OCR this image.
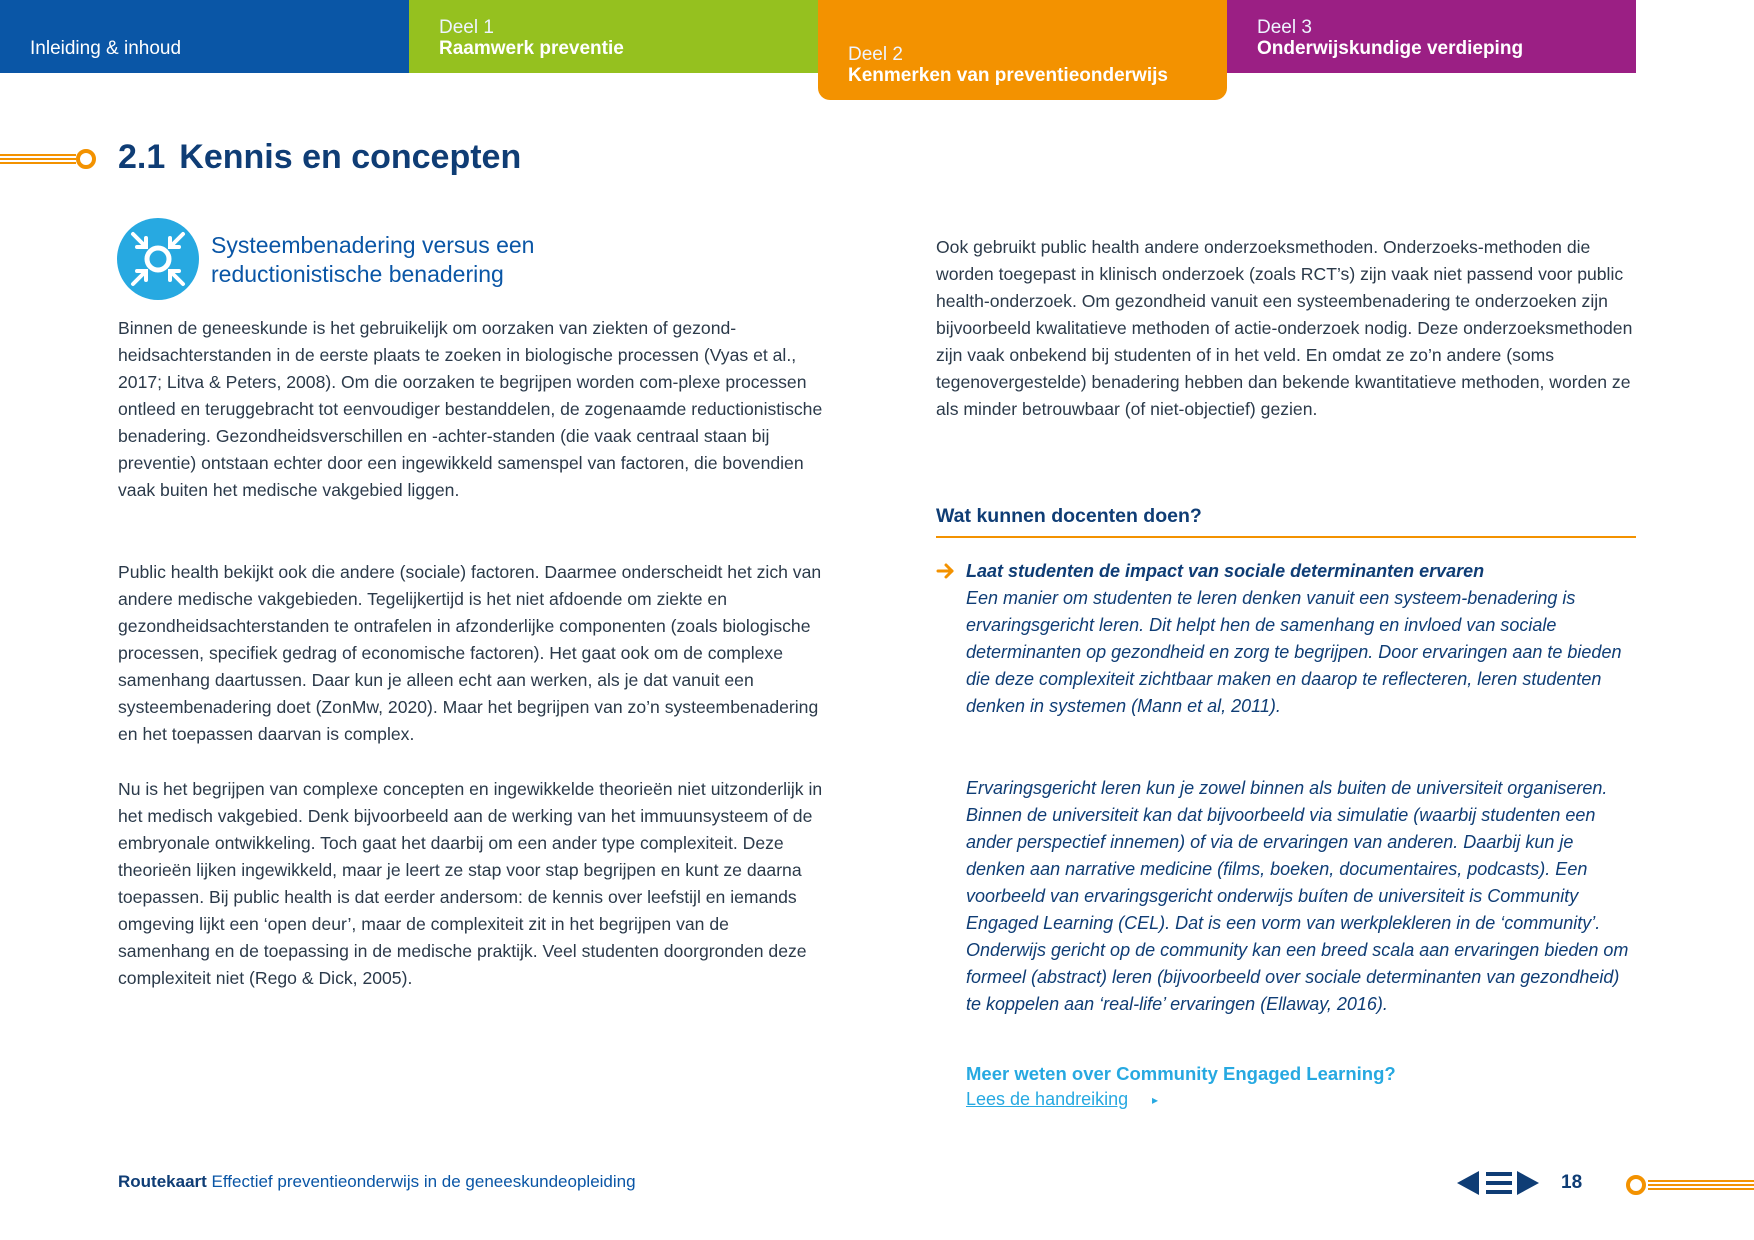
Inleiding & inhoud
Deel 1
Raamwerk preventie	Deel 2
Kenmerken van preventieonderwijs
Deel 3
Onderwijskundige verdieping
2.1 Kennis en concepten
Systeembenadering versus een
reductionistische benadering

Binnen de geneeskunde is het gebruikelijk om oorzaken van ziekten of gezond-heidsachterstanden in de eerste plaats te zoeken in biologische processen (Vyas et al., 2017; Litva & Peters, 2008). Om die oorzaken te begrijpen worden com-plexe processen ontleed en teruggebracht tot eenvoudiger bestanddelen, de zogenaamde reductionistische benadering. Gezondheidsverschillen en -achter-standen (die vaak centraal staan bij preventie) ontstaan echter door een ingewikkeld samenspel van factoren, die bovendien vaak buiten het medische vakgebied liggen.

Public health bekijkt ook die andere (sociale) factoren. Daarmee onderscheidt het zich van andere medische vakgebieden. Tegelijkertijd is het niet afdoende om ziekte en gezondheidsachterstanden te ontrafelen in afzonderlijke componenten (zoals biologische processen, specifiek gedrag of economische factoren). Het gaat ook om de complexe samenhang daartussen. Daar kun je alleen echt aan werken, als je dat vanuit een systeembenadering doet (ZonMw, 2020). Maar het begrijpen van zo’n systeembenadering en het toepassen daarvan is complex.

Nu is het begrijpen van complexe concepten en ingewikkelde theorieën niet uitzonderlijk in het medisch vakgebied. Denk bijvoorbeeld aan de werking van het immuunsysteem of de embryonale ontwikkeling. Toch gaat het daarbij om een ander type complexiteit. Deze theorieën lijken ingewikkeld, maar je leert ze stap voor stap begrijpen en kunt ze daarna toepassen. Bij public health is dat eerder andersom: de kennis over leefstijl en iemands omgeving lijkt een ‘open deur’, maar de complexiteit zit in het begrijpen van de samenhang en de toepassing in de medische praktijk. Veel studenten doorgronden deze complexiteit niet (Rego & Dick, 2005).

Ook gebruikt public health andere onderzoeksmethoden. Onderzoeks-methoden die worden toegepast in klinisch onderzoek (zoals RCT’s) zijn vaak niet passend voor public health-onderzoek. Om gezondheid vanuit een systeembenadering te onderzoeken zijn bijvoorbeeld kwalitatieve methoden of actie-onderzoek nodig. Deze onderzoeksmethoden zijn vaak onbekend bij studenten of in het veld. En omdat ze zo’n andere (soms tegenovergestelde) benadering hebben dan bekende kwantitatieve methoden, worden ze als minder betrouwbaar (of niet-objectief) gezien.

Wat kunnen docenten doen?
Laat studenten de impact van sociale determinanten ervaren

Een manier om studenten te leren denken vanuit een systeem-benadering is ervaringsgericht leren. Dit helpt hen de samenhang en invloed van sociale determinanten op gezondheid en zorg te begrijpen. Door ervaringen aan te bieden die deze complexiteit zichtbaar maken en daarop te reflecteren, leren studenten denken in systemen (Mann et al, 2011).

Ervaringsgericht leren kun je zowel binnen als buiten de universiteit organiseren. Binnen de universiteit kan dat bijvoorbeeld via simulatie (waarbij studenten een ander perspectief innemen) of via de ervaringen van anderen. Daarbij kun je denken aan narrative medicine (films, boeken, documentaires, podcasts). Een voorbeeld van ervaringsgericht onderwijs buíten de universiteit is Community Engaged Learning (CEL). Dat is een vorm van werkplekleren in de ‘community’. Onderwijs gericht op de community kan een breed scala aan ervaringen bieden om formeel (abstract) leren (bijvoorbeeld over sociale determinanten van gezondheid) te koppelen aan ‘real-life’ ervaringen (Ellaway, 2016).

Meer weten over Community Engaged Learning?
Lees de handreiking ▸
Routekaart Effectief preventieonderwijs in de geneeskundeopleiding	18
